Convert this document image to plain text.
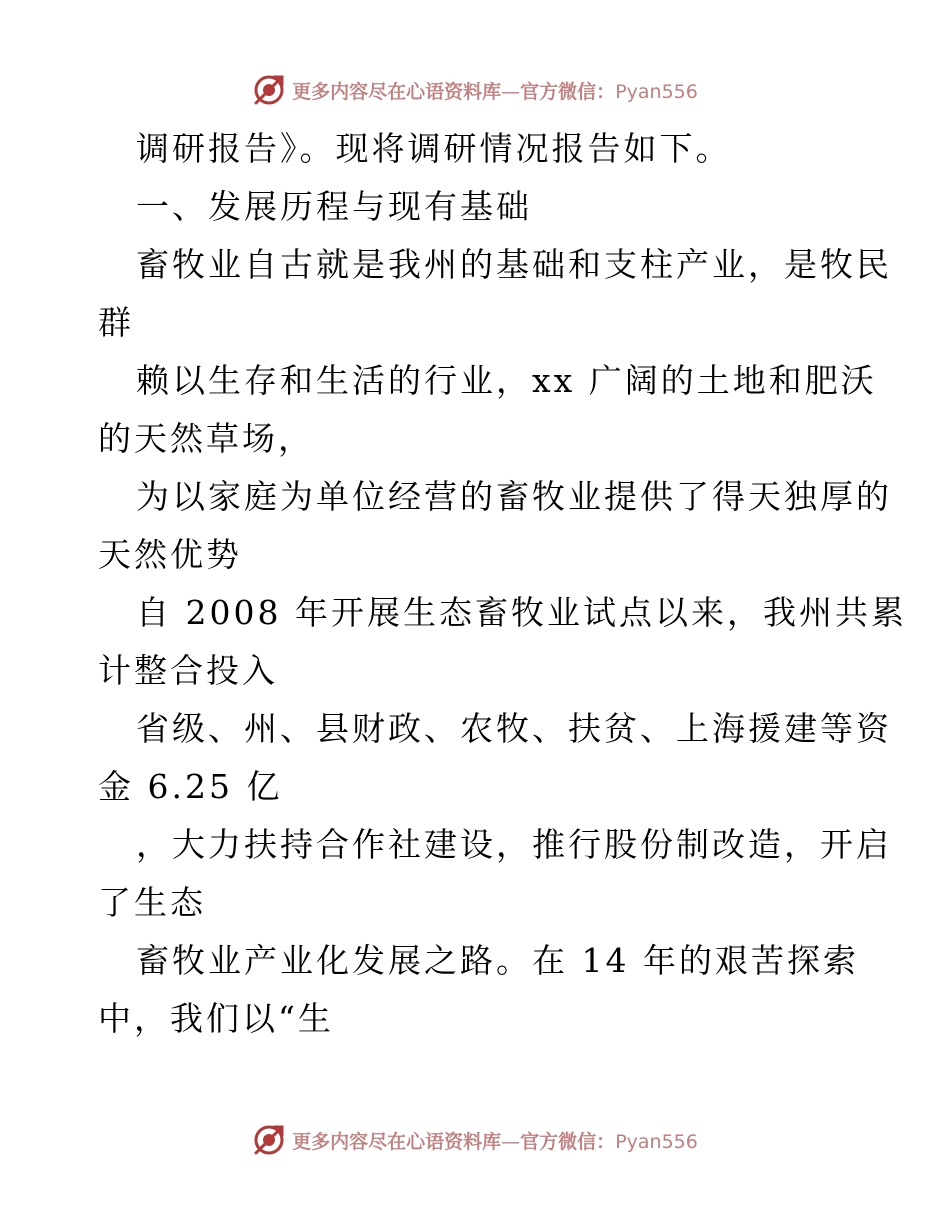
更多内容尽在心语资料库—官方微信：Pyan556
调研报告》。现将调研情况报告如下。
一、发展历程与现有基础
畜牧业自古就是我州的基础和支柱产业，是牧民
群
赖以生存和生活的行业，xx 广阔的土地和肥沃
的天然草场，
为以家庭为单位经营的畜牧业提供了得天独厚的
天然优势
自 2008 年开展生态畜牧业试点以来，我州共累
计整合投入
省级、州、县财政、农牧、扶贫、上海援建等资
金 6.25 亿
，大力扶持合作社建设，推行股份制改造，开启
了生态
畜牧业产业化发展之路。在 14 年的艰苦探索
中，我们以“生
更多内容尽在心语资料库—官方微信：Pyan556
